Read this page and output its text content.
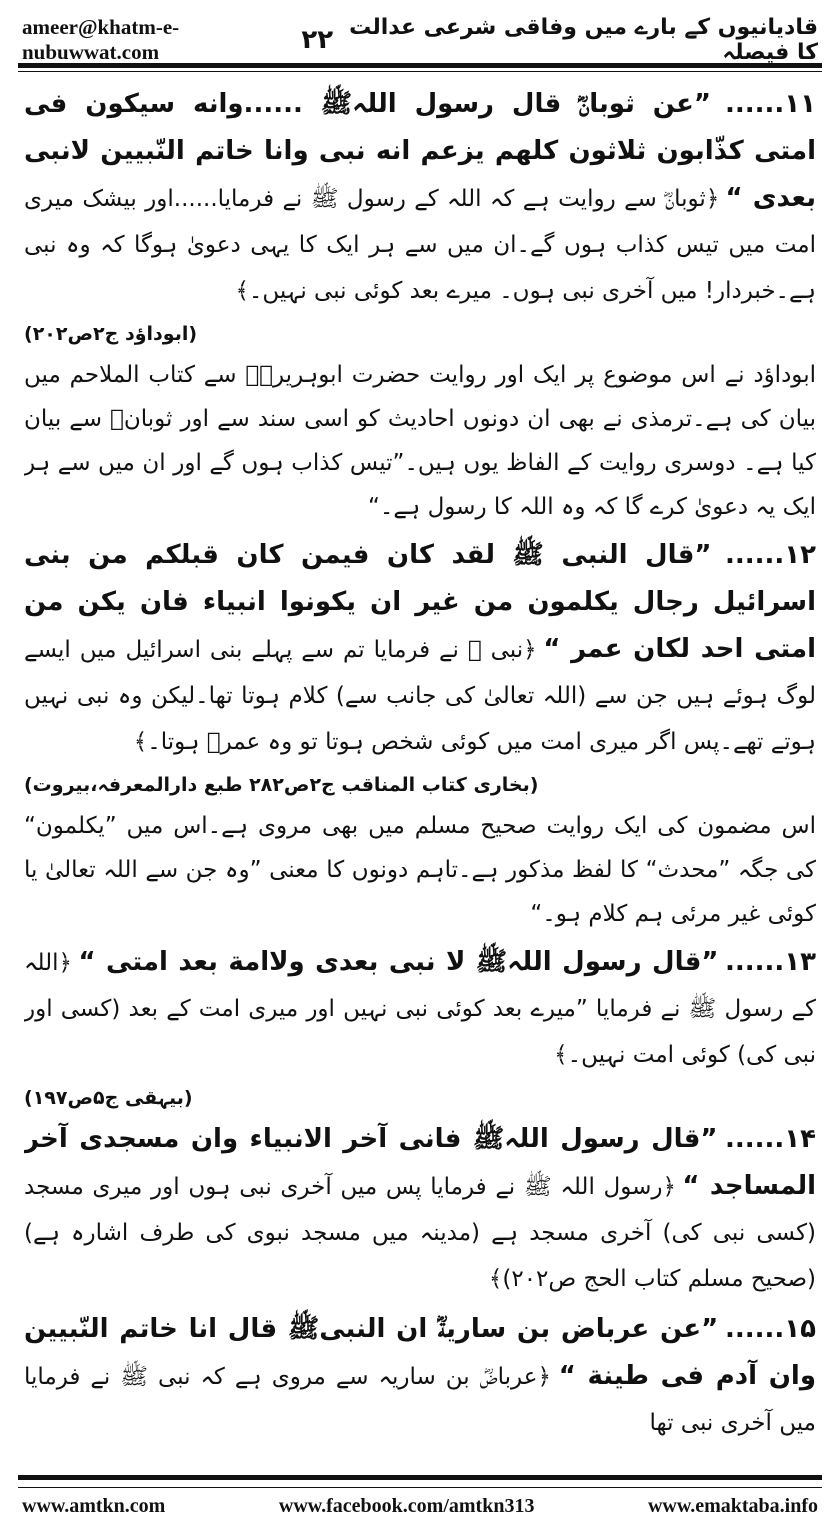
ameer@khatm-e-nubuwwat.com	۲۲ قادیانیوں کے بارے میں وفاقی شرعی عدالت کا فیصلہ
۱۱...... ”عن ثوبانؓ قال رسول اللہﷺ ......وانه سیکون فی امتی کذّابون ثلاثون کلهم یزعم انه نبی وانا خاتم النّبیین لانبی بعدی “ ﴿ثوبانؓ سے روایت ہے کہ اللہ کے رسول ﷺ نے فرمایا......اور بیشک میری امت میں تیس کذاب ہوں گے۔ان میں سے ہر ایک کا یہی دعویٰ ہوگا کہ وہ نبی ہے۔خبردار! میں آخری نبی ہوں۔ میرے بعد کوئی نبی نہیں۔﴾
(ابوداؤد ج۲ص۲۰۲)
ابوداؤد نے اس موضوع پر ایک اور روایت حضرت ابوہریرہؓ سے کتاب الملاحم میں بیان کی ہے۔ترمذی نے بھی ان دونوں احادیث کو اسی سند سے اور ثوبانؓ سے بیان کیا ہے۔ دوسری روایت کے الفاظ یوں ہیں۔”تیس کذاب ہوں گے اور ان میں سے ہر ایک یہ دعویٰ کرے گا کہ وہ اللہ کا رسول ہے۔“
۱۲...... ”قال النبی ﷺ لقد کان فیمن کان قبلکم من بنی اسرائیل رجال یکلمون من غیر ان یکونوا انبیاء فان یکن من امتی احد لکان عمر “ ﴿نبی ﷺ نے فرمایا تم سے پہلے بنی اسرائیل میں ایسے لوگ ہوئے ہیں جن سے (اللہ تعالیٰ کی جانب سے) کلام ہوتا تھا۔لیکن وہ نبی نہیں ہوتے تھے۔پس اگر میری امت میں کوئی شخص ہوتا تو وہ عمرؓ ہوتا۔﴾
(بخاری کتاب المناقب ج۲ص۲۸۲ طبع دارالمعرفہ،بیروت)
اس مضمون کی ایک روایت صحیح مسلم میں بھی مروی ہے۔اس میں ”یکلمون“ کی جگہ ”محدث“ کا لفظ مذکور ہے۔تاہم دونوں کا معنی ”وہ جن سے اللہ تعالیٰ یا کوئی غیر مرئی ہم کلام ہو۔“
۱۳...... ”قال رسول اللہﷺ لا نبی بعدی ولاامة بعد امتی “ ﴿اللہ کے رسول ﷺ نے فرمایا ”میرے بعد کوئی نبی نہیں اور میری امت کے بعد (کسی اور نبی کی) کوئی امت نہیں۔﴾
(بیہقی ج۵ص۱۹۷)
۱۴...... ”قال رسول اللہﷺ فانی آخر الانبیاء وان مسجدی آخر المساجد “ ﴿رسول اللہ ﷺ نے فرمایا پس میں آخری نبی ہوں اور میری مسجد (کسی نبی کی) آخری مسجد ہے (مدینہ میں مسجد نبوی کی طرف اشارہ ہے) (صحیح مسلم کتاب الحج ص۲۰۲)﴾
۱۵...... ”عن عرباض بن ساریةؓ ان النبیﷺ قال انا خاتم النّبیین وان آدم فی طینة “ ﴿عرباضؓ بن ساریہ سے مروی ہے کہ نبی ﷺ نے فرمایا میں آخری نبی تھا
www.amtkn.com	www.facebook.com/amtkn313	www.emaktaba.info
